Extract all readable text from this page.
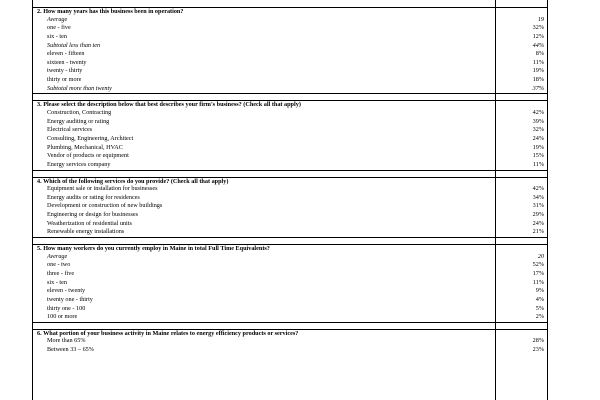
2. How many years has this business been in operation?
Average	19
one - five	32%
six - ten	12%
Subtotal less than ten	44%
eleven - fifteen	8%
sixteen - twenty	11%
twenty - thirty	19%
thirty or more	18%
Subtotal more than twenty	37%
3. Please select the description below that best describes your firm's business? (Check all that apply)
Construction, Contracting	42%
Energy auditing or rating	39%
Electrical services	32%
Consulting, Engineering, Architect	24%
Plumbing, Mechanical, HVAC	19%
Vendor of products or equipment	15%
Energy services company	11%
4. Which of the following services do you provide? (Check all that apply)
Equipment sale or installation for businesses	42%
Energy audits or rating for residences	34%
Development or construction of new buildings	31%
Engineering or design for businesses	29%
Weatherization of residential units	24%
Renewable energy installations	21%
5. How many workers do you currently employ in Maine in total Full Time Equivalents?
Average	20
one - two	52%
three - five	17%
six - ten	11%
eleven - twenty	9%
twenty one - thirty	4%
thirty one - 100	5%
100 or more	2%
6. What portion of your business activity in Maine relates to energy efficiency products or services?
More than 65%	28%
Between 33 – 65%	23%
